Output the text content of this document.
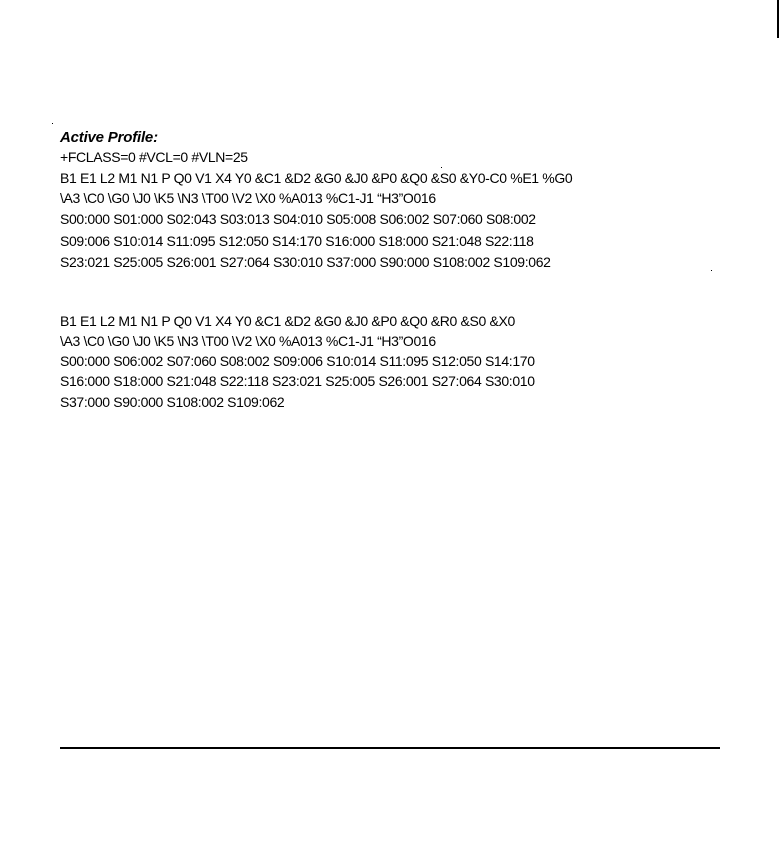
Active Profile:

+FCLASS=0 #VCL=0 #VLN=25

B1 E1 L2 M1 N1 P Q0 V1 X4 Y0 &C1 &D2 &G0 &J0 &P0 &Q0 &S0 &Y0-C0 %E1 %G0

\A3 \C0 \G0 \J0 \K5 \N3 \T00 \V2 \X0 %A013 %C1-J1 “H3”O016

S00:000 S01:000 S02:043 S03:013 S04:010 S05:008 S06:002 S07:060 S08:002

S09:006 S10:014 S11:095 S12:050 S14:170 S16:000 S18:000 S21:048 S22:118

S23:021 S25:005 S26:001 S27:064 S30:010 S37:000 S90:000 S108:002 S109:062

B1 E1 L2 M1 N1 P Q0 V1 X4 Y0 &C1 &D2 &G0 &J0 &P0 &Q0 &R0 &S0 &X0

\A3 \C0 \G0 \J0 \K5 \N3 \T00 \V2 \X0 %A013 %C1-J1 “H3”O016

S00:000 S06:002 S07:060 S08:002 S09:006 S10:014 S11:095 S12:050 S14:170

S16:000 S18:000 S21:048 S22:118 S23:021 S25:005 S26:001 S27:064 S30:010

S37:000 S90:000 S108:002 S109:062
